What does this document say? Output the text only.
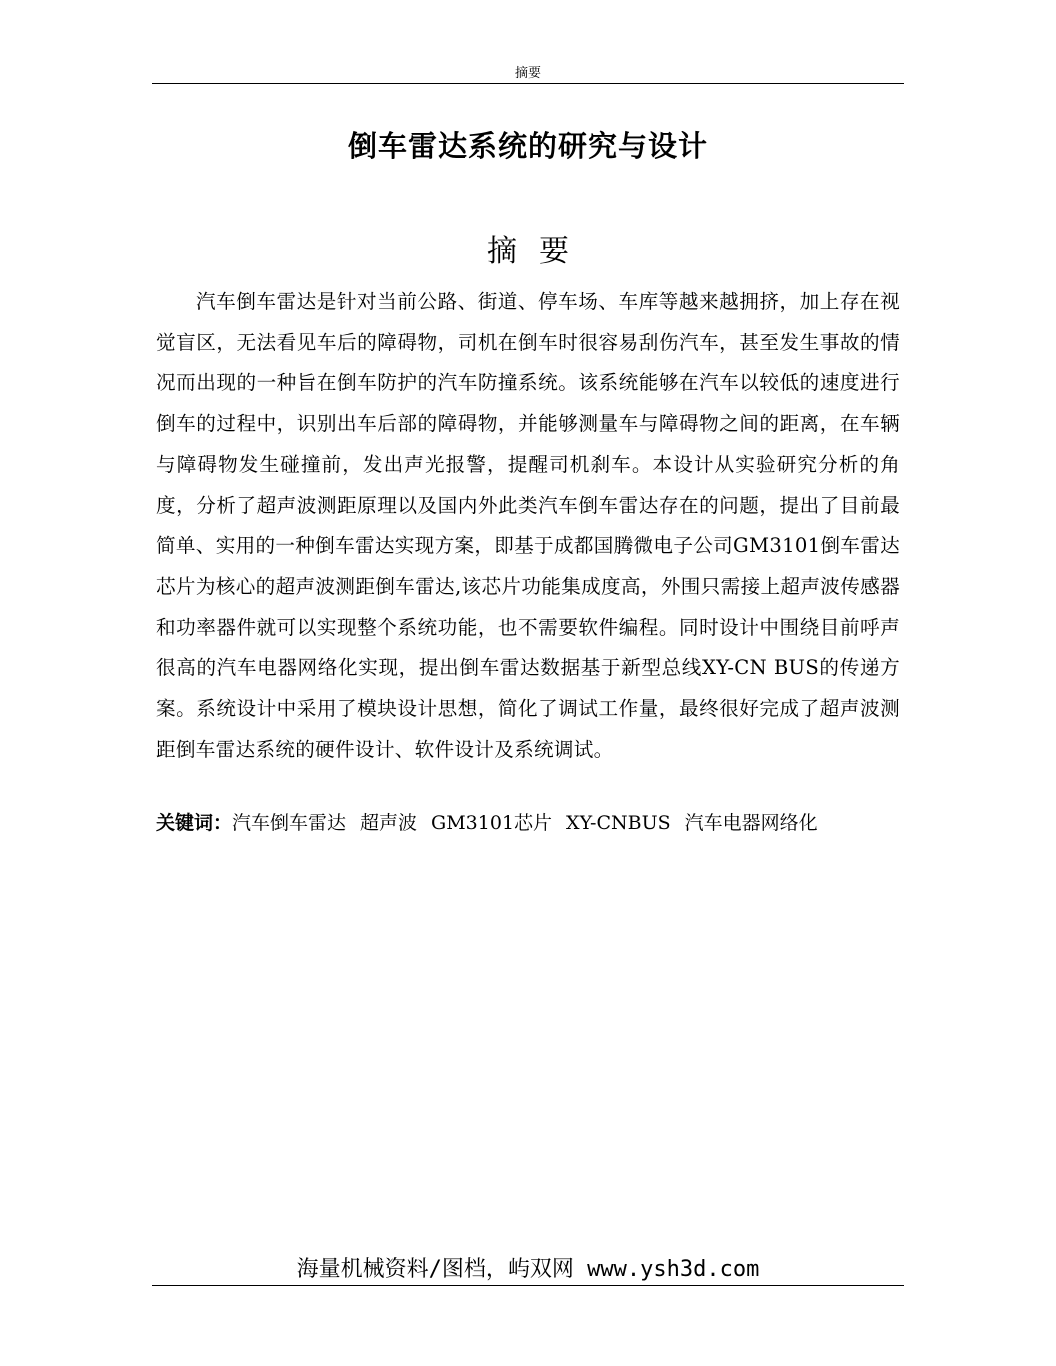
摘要
倒车雷达系统的研究与设计
摘要

汽车倒车雷达是针对当前公路、街道、停车场、车库等越来越拥挤，加上存在视觉盲区，无法看见车后的障碍物，司机在倒车时很容易刮伤汽车，甚至发生事故的情况而出现的一种旨在倒车防护的汽车防撞系统。该系统能够在汽车以较低的速度进行倒车的过程中，识别出车后部的障碍物，并能够测量车与障碍物之间的距离，在车辆与障碍物发生碰撞前，发出声光报警，提醒司机刹车。本设计从实验研究分析的角度，分析了超声波测距原理以及国内外此类汽车倒车雷达存在的问题，提出了目前最简单、实用的一种倒车雷达实现方案，即基于成都国腾微电子公司GM3101倒车雷达芯片为核心的超声波测距倒车雷达,该芯片功能集成度高，外围只需接上超声波传感器和功率器件就可以实现整个系统功能，也不需要软件编程。同时设计中围绕目前呼声很高的汽车电器网络化实现，提出倒车雷达数据基于新型总线XY-CN BUS的传递方案。系统设计中采用了模块设计思想，简化了调试工作量，最终很好完成了超声波测距倒车雷达系统的硬件设计、软件设计及系统调试。

关键词：汽车倒车雷达 超声波 GM3101芯片 XY-CNBUS 汽车电器网络化
海量机械资料/图档，屿双网 www.ysh3d.com
